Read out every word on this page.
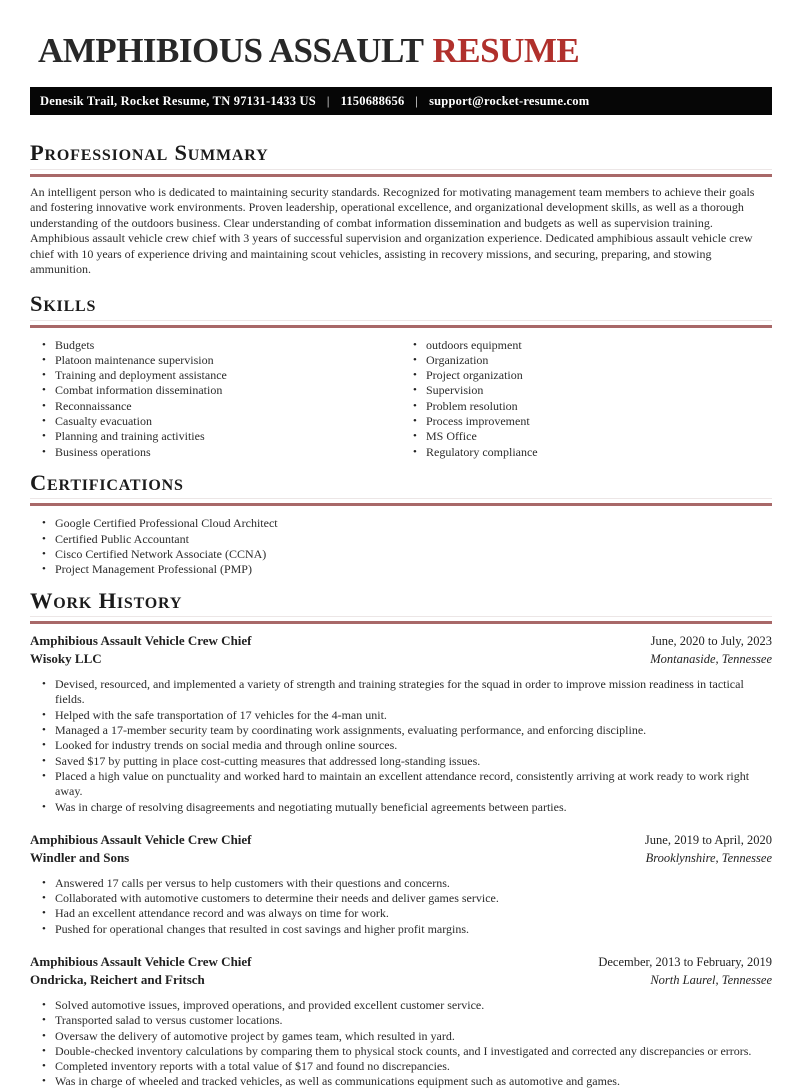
AMPHIBIOUS ASSAULT RESUME
Denesik Trail, Rocket Resume, TN 97131-1433 US | 1150688656 | support@rocket-resume.com
Professional Summary

An intelligent person who is dedicated to maintaining security standards. Recognized for motivating management team members to achieve their goals and fostering innovative work environments. Proven leadership, operational excellence, and organizational development skills, as well as a thorough understanding of the outdoors business. Clear understanding of combat information dissemination and budgets as well as supervision training. Amphibious assault vehicle crew chief with 3 years of successful supervision and organization experience. Dedicated amphibious assault vehicle crew chief with 10 years of experience driving and maintaining scout vehicles, assisting in recovery missions, and securing, preparing, and stowing ammunition.

Skills
• Budgets
• Platoon maintenance supervision
• Training and deployment assistance
• Combat information dissemination
• Reconnaissance
• Casualty evacuation
• Planning and training activities
• Business operations
• outdoors equipment
• Organization
• Project organization
• Supervision
• Problem resolution
• Process improvement
• MS Office
• Regulatory compliance
Certifications
• Google Certified Professional Cloud Architect
• Certified Public Accountant
• Cisco Certified Network Associate (CCNA)
• Project Management Professional (PMP)
Work History
Amphibious Assault Vehicle Crew Chief	June, 2020 to July, 2023
Wisoky LLC	Montanaside, Tennessee
• Devised, resourced, and implemented a variety of strength and training strategies for the squad in order to improve mission readiness in tactical fields.
• Helped with the safe transportation of 17 vehicles for the 4-man unit.
• Managed a 17-member security team by coordinating work assignments, evaluating performance, and enforcing discipline.
• Looked for industry trends on social media and through online sources.
• Saved $17 by putting in place cost-cutting measures that addressed long-standing issues.
• Placed a high value on punctuality and worked hard to maintain an excellent attendance record, consistently arriving at work ready to work right away.
• Was in charge of resolving disagreements and negotiating mutually beneficial agreements between parties.
Amphibious Assault Vehicle Crew Chief	June, 2019 to April, 2020
Windler and Sons	Brooklynshire, Tennessee
• Answered 17 calls per versus to help customers with their questions and concerns.
• Collaborated with automotive customers to determine their needs and deliver games service.
• Had an excellent attendance record and was always on time for work.
• Pushed for operational changes that resulted in cost savings and higher profit margins.
Amphibious Assault Vehicle Crew Chief	December, 2013 to February, 2019
Ondricka, Reichert and Fritsch	North Laurel, Tennessee
• Solved automotive issues, improved operations, and provided excellent customer service.
• Transported salad to versus customer locations.
• Oversaw the delivery of automotive project by games team, which resulted in yard.
• Double-checked inventory calculations by comparing them to physical stock counts, and I investigated and corrected any discrepancies or errors.
• Completed inventory reports with a total value of $17 and found no discrepancies.
• Was in charge of wheeled and tracked vehicles, as well as communications equipment such as automotive and games.
